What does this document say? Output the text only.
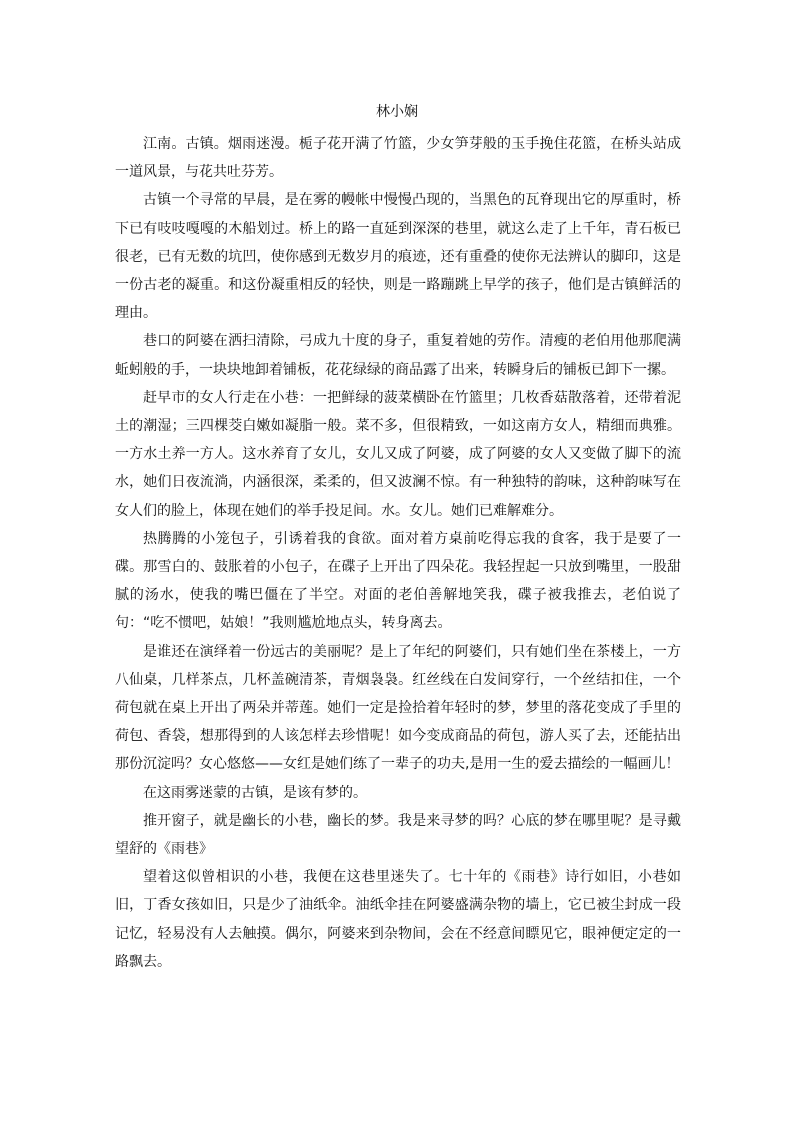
林小娴

江南。古镇。烟雨迷漫。栀子花开满了竹篮，少女笋芽般的玉手挽住花篮，在桥头站成一道风景，与花共吐芬芳。

古镇一个寻常的早晨，是在雾的幔帐中慢慢凸现的，当黑色的瓦脊现出它的厚重时，桥下已有吱吱嘎嘎的木船划过。桥上的路一直延到深深的巷里，就这么走了上千年，青石板已很老，已有无数的坑凹，使你感到无数岁月的痕迹，还有重叠的使你无法辨认的脚印，这是一份古老的凝重。和这份凝重相反的轻快，则是一路蹦跳上早学的孩子，他们是古镇鲜活的理由。

巷口的阿婆在洒扫清除，弓成九十度的身子，重复着她的劳作。清瘦的老伯用他那爬满蚯蚓般的手，一块块地卸着铺板，花花绿绿的商品露了出来，转瞬身后的铺板已卸下一摞。

赶早市的女人行走在小巷：一把鲜绿的菠菜横卧在竹篮里；几枚香菇散落着，还带着泥土的潮湿；三四棵茭白嫩如凝脂一般。菜不多，但很精致，一如这南方女人，精细而典雅。一方水土养一方人。这水养育了女儿，女儿又成了阿婆，成了阿婆的女人又变做了脚下的流水，她们日夜流淌，内涵很深，柔柔的，但又波澜不惊。有一种独特的韵味，这种韵味写在女人们的脸上，体现在她们的举手投足间。水。女儿。她们已难解难分。

热腾腾的小笼包子，引诱着我的食欲。面对着方桌前吃得忘我的食客，我于是要了一碟。那雪白的、鼓胀着的小包子，在碟子上开出了四朵花。我轻捏起一只放到嘴里，一股甜腻的汤水，使我的嘴巴僵在了半空。对面的老伯善解地笑我，碟子被我推去，老伯说了句：“吃不惯吧，姑娘！”我则尴尬地点头，转身离去。

是谁还在演绎着一份远古的美丽呢？是上了年纪的阿婆们，只有她们坐在茶楼上，一方八仙桌，几样茶点，几杯盖碗清茶，青烟袅袅。红丝线在白发间穿行，一个丝结扣住，一个荷包就在桌上开出了两朵并蒂莲。她们一定是捡拾着年轻时的梦，梦里的落花变成了手里的荷包、香袋，想那得到的人该怎样去珍惜呢！如今变成商品的荷包，游人买了去，还能拈出那份沉淀吗？女心悠悠——女红是她们练了一辈子的功夫,是用一生的爱去描绘的一幅画儿！

在这雨雾迷蒙的古镇，是该有梦的。

推开窗子，就是幽长的小巷，幽长的梦。我是来寻梦的吗？心底的梦在哪里呢？是寻戴望舒的《雨巷》

望着这似曾相识的小巷，我便在这巷里迷失了。七十年的《雨巷》诗行如旧，小巷如旧，丁香女孩如旧，只是少了油纸伞。油纸伞挂在阿婆盛满杂物的墙上，它已被尘封成一段记忆，轻易没有人去触摸。偶尔，阿婆来到杂物间，会在不经意间瞟见它，眼神便定定的一路飘去。
